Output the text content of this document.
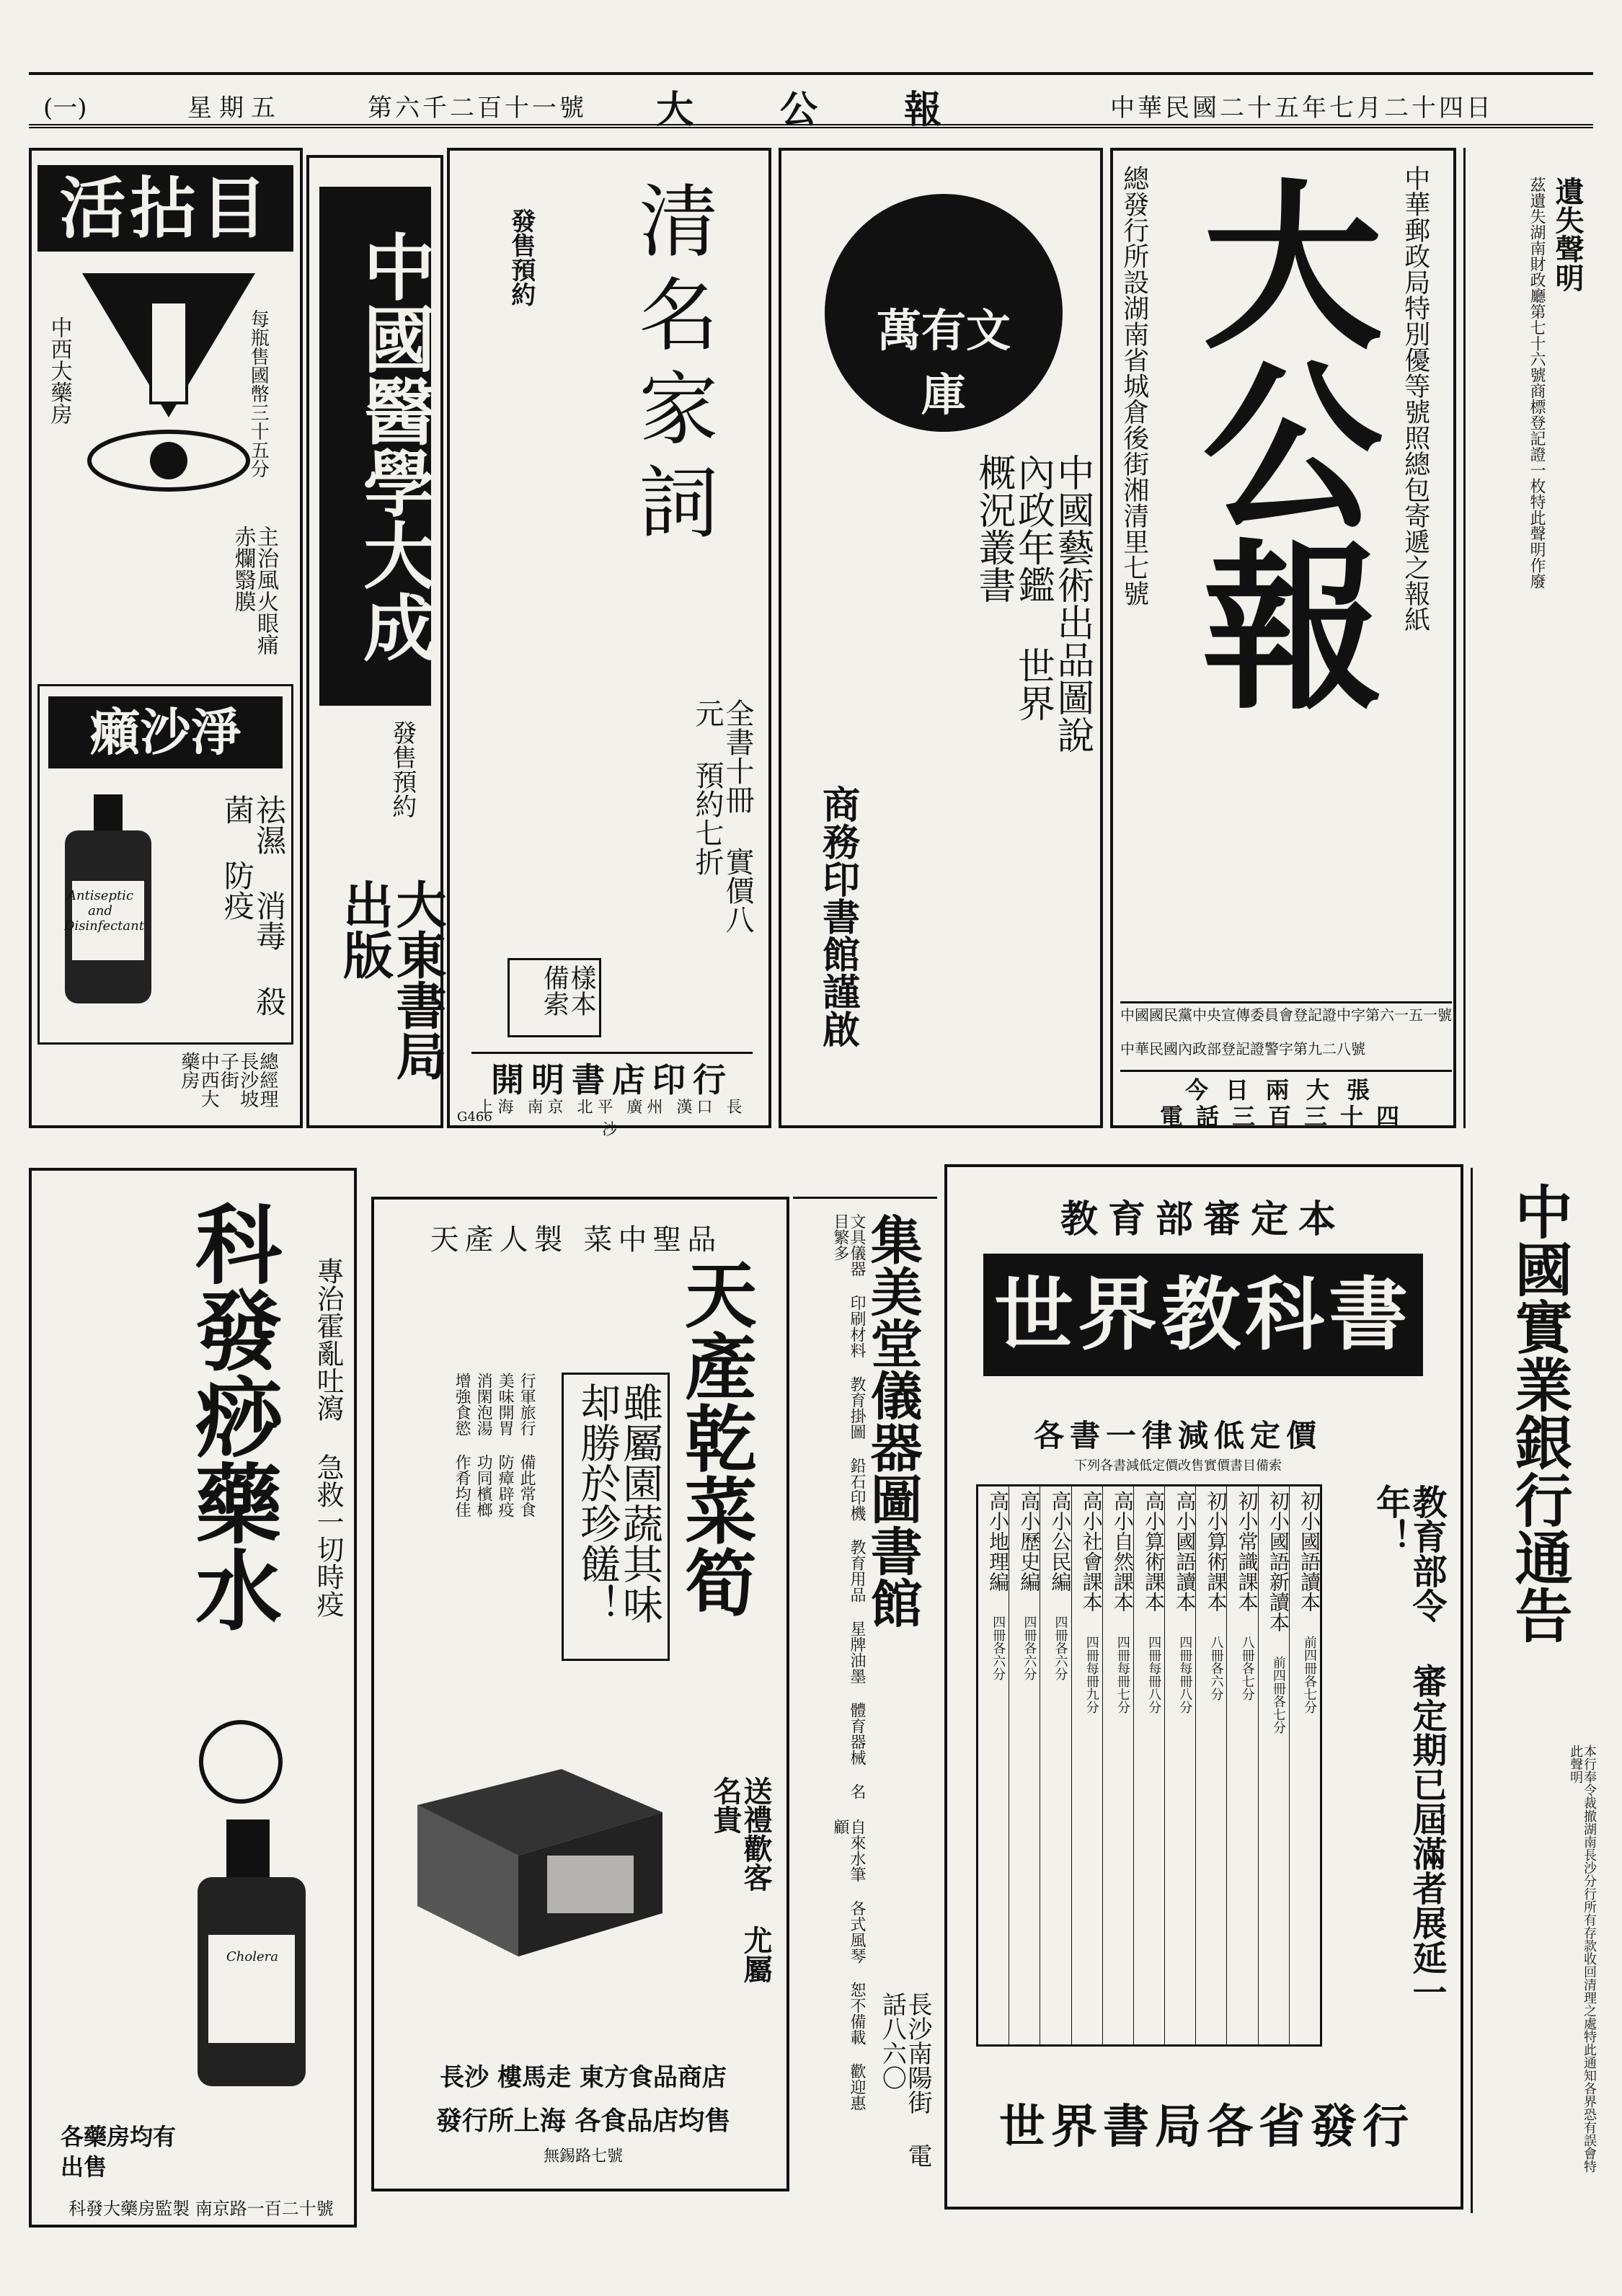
(一)	星期五	第六千二百十一號 大公報	中華民國二十五年七月二十四日
活拈目
中西大藥房	每瓶售國幣三十五分
主治風火眼痛赤爛翳膜
癩沙淨
Antiseptic and Disinfectant	祛濕 消毒 殺菌 防疫
總經理 長沙坡子街 中西大藥房
中國醫學大成
發售預約
大東書局出版
清名家詞
發售預約
全書十冊 實價八元 預約七折
樣本 備索
開明書店印行
上海 南京 北平 廣州 漢口 長沙
G466
萬有文庫
中國藝術出品圖說 內政年鑑 世界概況叢書
商務印書館謹啟
總發行所設湖南省城倉後街湘清里七號 大公報 中華郵政局特別優等號照總包寄遞之報紙
中國國民黨中央宣傳委員會登記證中字第六一五一號
中華民國內政部登記證警字第九二八號
今日兩大張
電話三百三十四
遺失聲明
茲遺失湖南財政廳第七十六號商標登記證一枚特此聲明作廢
科發痧藥水	專治霍亂吐瀉 急救一切時疫
Cholera
各藥房均有出售
科發大藥房監製 南京路一百二十號
天產人製 菜中聖品
天產乾菜筍
雖屬園蔬其味却勝於珍饈！
行軍旅行 備此常食
美味開胃 防瘴辟疫
消閑泡湯 功同檳榔
增強食慾 作肴均佳
送禮歡客 尤屬名貴
長沙 樓馬走 東方食品商店
發行所上海 各食品店均售
無錫路七號
集美堂儀器圖書館
文具儀器 印刷材料 教育掛圖 鉛石印機 教育用品 星牌油墨 體育器械 名目繁多
長沙南陽街 電話八六〇
自來水筆 各式風琴 恕不備載 歡迎惠顧
教育部審定本
世界教科書
各書一律減低定價
下列各書減低定價改售實價書目備索
初小國語讀本 前四冊各七分
初小國語新讀本 前四冊各七分
初小常識課本 八冊各七分
初小算術課本 八冊各六分
高小國語讀本 四冊每冊八分
高小算術課本 四冊每冊八分
高小自然課本 四冊每冊七分
高小社會課本 四冊每冊九分
高小公民編 四冊各六分
高小歷史編 四冊各六分
高小地理編 四冊各六分	教育部令 審定期已屆滿者展延一年！
世界書局各省發行
中國實業銀行通告
本行奉令裁撤湖南長沙分行所有存款收回清理之處特此通知各界恐有誤會特此聲明
